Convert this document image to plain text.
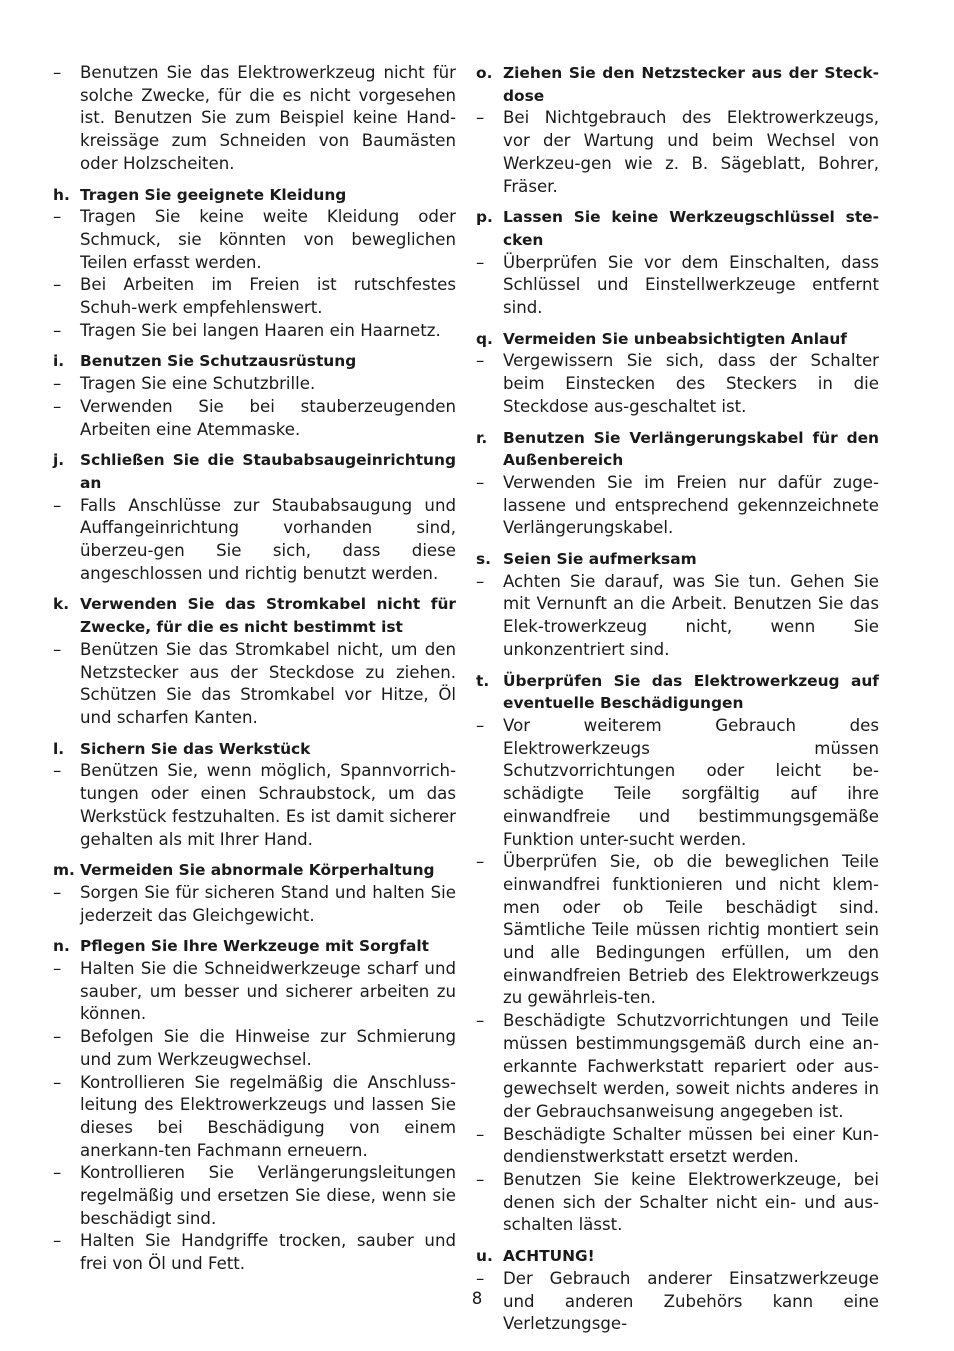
– Benutzen Sie das Elektrowerkzeug nicht für solche Zwecke, für die es nicht vorgesehen ist. Benutzen Sie zum Beispiel keine Hand-kreissäge zum Schneiden von Baumästen oder Holzscheiten.
h. Tragen Sie geeignete Kleidung
– Tragen Sie keine weite Kleidung oder Schmuck, sie könnten von beweglichen Teilen erfasst werden.
– Bei Arbeiten im Freien ist rutschfestes Schuh-werk empfehlenswert.
– Tragen Sie bei langen Haaren ein Haarnetz.
i. Benutzen Sie Schutzausrüstung
– Tragen Sie eine Schutzbrille.
– Verwenden Sie bei stauberzeugenden Arbeiten eine Atemmaske.
j. Schließen Sie die Staubabsaugeinrichtung an
– Falls Anschlüsse zur Staubabsaugung und Auffangeinrichtung vorhanden sind, überzeu-gen Sie sich, dass diese angeschlossen und richtig benutzt werden.
k. Verwenden Sie das Stromkabel nicht für Zwecke, für die es nicht bestimmt ist
– Benützen Sie das Stromkabel nicht, um den Netzstecker aus der Steckdose zu ziehen. Schützen Sie das Stromkabel vor Hitze, Öl und scharfen Kanten.
l. Sichern Sie das Werkstück
– Benützen Sie, wenn möglich, Spannvorrich-tungen oder einen Schraubstock, um das Werkstück festzuhalten. Es ist damit sicherer gehalten als mit Ihrer Hand.
m. Vermeiden Sie abnormale Körperhaltung
– Sorgen Sie für sicheren Stand und halten Sie jederzeit das Gleichgewicht.
n. Pflegen Sie Ihre Werkzeuge mit Sorgfalt
– Halten Sie die Schneidwerkzeuge scharf und sauber, um besser und sicherer arbeiten zu können.
– Befolgen Sie die Hinweise zur Schmierung und zum Werkzeugwechsel.
– Kontrollieren Sie regelmäßig die Anschluss-leitung des Elektrowerkzeugs und lassen Sie dieses bei Beschädigung von einem anerkann-ten Fachmann erneuern.
– Kontrollieren Sie Verlängerungsleitungen regelmäßig und ersetzen Sie diese, wenn sie beschädigt sind.
– Halten Sie Handgriffe trocken, sauber und frei von Öl und Fett.
o. Ziehen Sie den Netzstecker aus der Steck-dose
– Bei Nichtgebrauch des Elektrowerkzeugs, vor der Wartung und beim Wechsel von Werkzeu-gen wie z. B. Sägeblatt, Bohrer, Fräser.
p. Lassen Sie keine Werkzeugschlüssel ste-cken
– Überprüfen Sie vor dem Einschalten, dass Schlüssel und Einstellwerkzeuge entfernt sind.
q. Vermeiden Sie unbeabsichtigten Anlauf
– Vergewissern Sie sich, dass der Schalter beim Einstecken des Steckers in die Steckdose aus-geschaltet ist.
r. Benutzen Sie Verlängerungskabel für den Außenbereich
– Verwenden Sie im Freien nur dafür zuge-lassene und entsprechend gekennzeichnete Verlängerungskabel.
s. Seien Sie aufmerksam
– Achten Sie darauf, was Sie tun. Gehen Sie mit Vernunft an die Arbeit. Benutzen Sie das Elek-trowerkzeug nicht, wenn Sie unkonzentriert sind.
t. Überprüfen Sie das Elektrowerkzeug auf eventuelle Beschädigungen
– Vor weiterem Gebrauch des Elektrowerkzeugs müssen Schutzvorrichtungen oder leicht be-schädigte Teile sorgfältig auf ihre einwandfreie und bestimmungsgemäße Funktion unter-sucht werden.
– Überprüfen Sie, ob die beweglichen Teile einwandfrei funktionieren und nicht klem-men oder ob Teile beschädigt sind. Sämtliche Teile müssen richtig montiert sein und alle Bedingungen erfüllen, um den einwandfreien Betrieb des Elektrowerkzeugs zu gewährleis-ten.
– Beschädigte Schutzvorrichtungen und Teile müssen bestimmungsgemäß durch eine an-erkannte Fachwerkstatt repariert oder aus-gewechselt werden, soweit nichts anderes in der Gebrauchsanweisung angegeben ist.
– Beschädigte Schalter müssen bei einer Kun-dendienstwerkstatt ersetzt werden.
– Benutzen Sie keine Elektrowerkzeuge, bei denen sich der Schalter nicht ein- und aus-schalten lässt.
u. ACHTUNG!
– Der Gebrauch anderer Einsatzwerkzeuge und anderen Zubehörs kann eine Verletzungsge-
8
